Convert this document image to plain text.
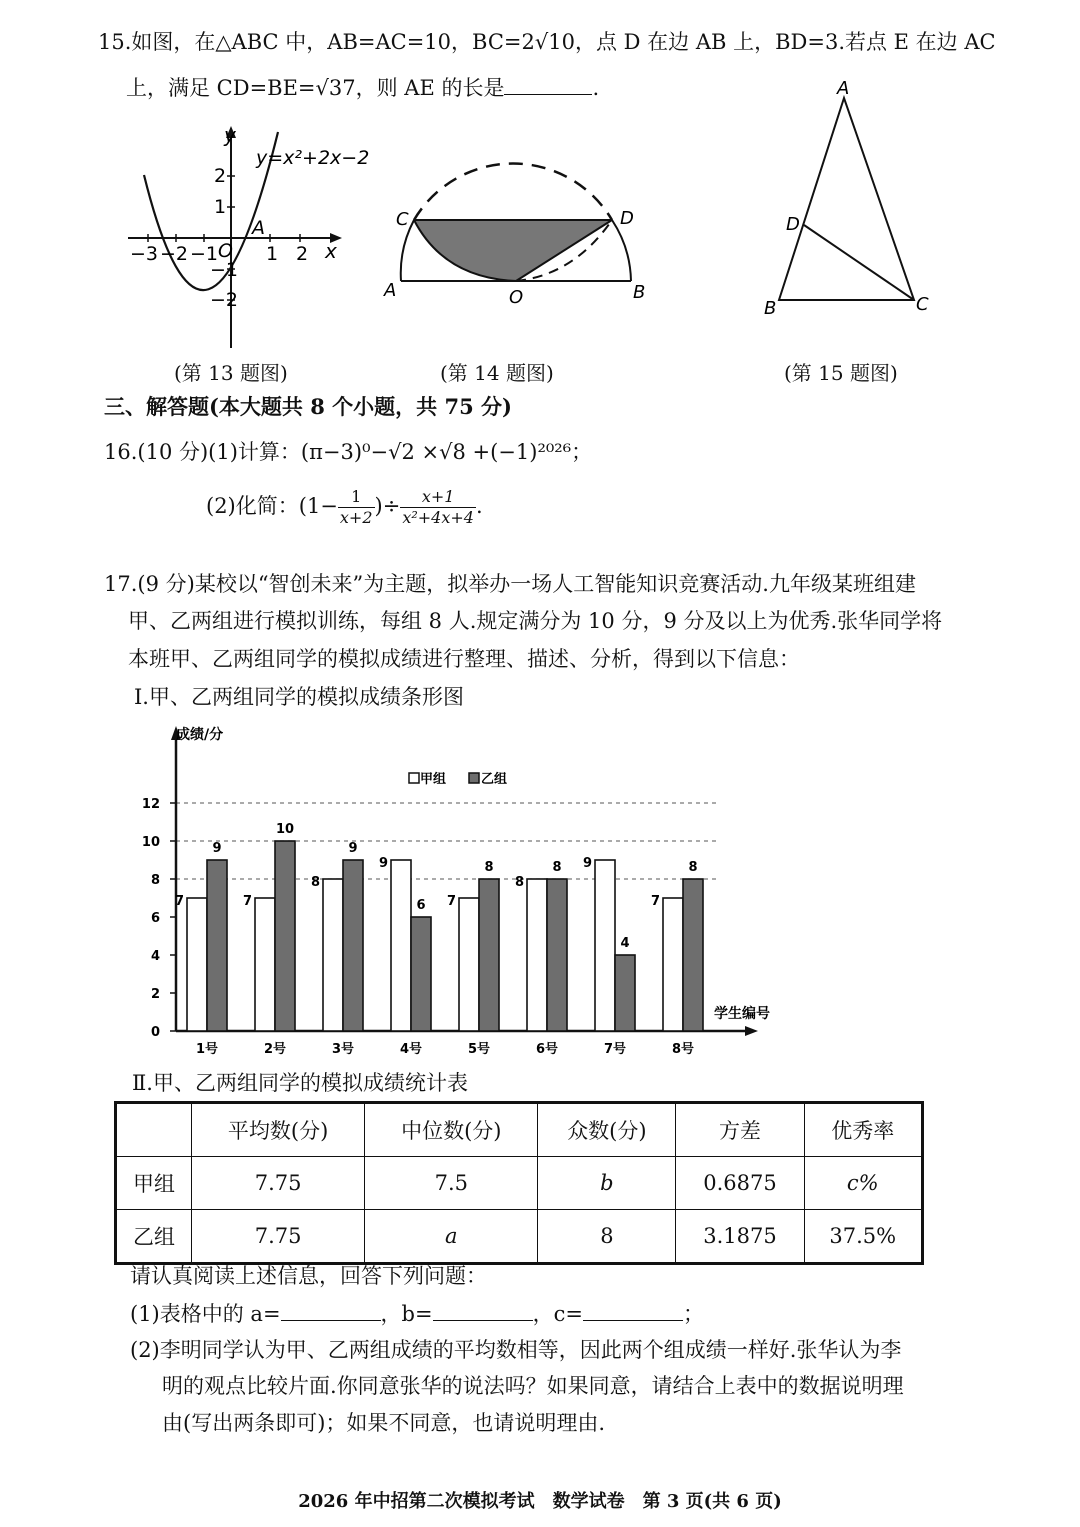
15.如图，在△ABC 中，AB=AC=10，BC=2√10，点 D 在边 AB 上，BD=3.若点 E 在边 AC
上，满足 CD=BE=√37，则 AE 的长是	.
y
x
y=x²+2x−2
O
A
−3 −2 −1	1 2
2
1
−1
−2
(第 13 题图)
C	D
A	B
O
(第 14 题图)
A
D
B	C
(第 15 题图)
三、解答题(本大题共 8 个小题，共 75 分)
16.(10 分)(1)计算：(π−3)⁰−√2 ×√8 +(−1)²⁰²⁶；
(2)化简：($1- \frac{1}{x+2}$ )÷ $\frac{x+1}{\text{x²+4x+4}}$ .
17.(9 分)某校以“智创未来”为主题，拟举办一场人工智能知识竞赛活动.九年级某班组建
甲、乙两组进行模拟训练，每组 8 人.规定满分为 10 分，9 分及以上为优秀.张华同学将
本班甲、乙两组同学的模拟成绩进行整理、描述、分析，得到以下信息：
Ⅰ.甲、乙两组同学的模拟成绩条形图
0
2
4
6
8
10
12
成绩/分
学生编号
甲组	乙组
7
9
1号
7
10
2号
8
9
3号
9
6
4号
7
8
5号
8
8
6号
9
4
7号
7
8
8号
Ⅱ.甲、乙两组同学的模拟成绩统计表
	平均数(分)	中位数(分)	众数(分)	方差	优秀率
甲组	7.75	7.5	b	0.6875	c%
乙组	7.75	a	8	3.1875	37.5%
请认真阅读上述信息，回答下列问题：
(1)表格中的 a=	，b=	，c=	；
(2)李明同学认为甲、乙两组成绩的平均数相等，因此两个组成绩一样好.张华认为李
明的观点比较片面.你同意张华的说法吗？如果同意，请结合上表中的数据说明理
由(写出两条即可)；如果不同意，也请说明理由.
2026 年中招第二次模拟考试　数学试卷　第 3 页(共 6 页)
